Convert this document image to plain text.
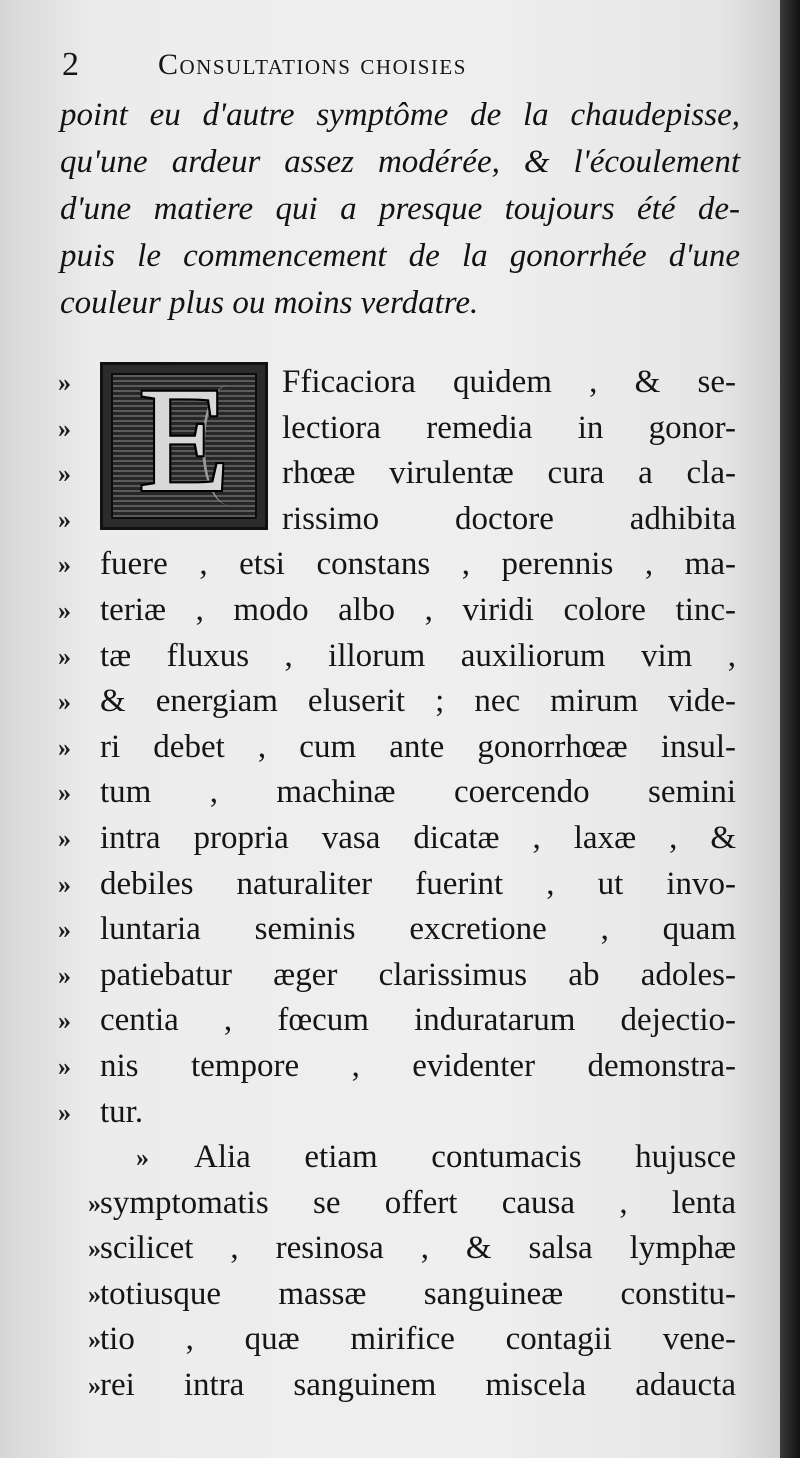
2	Consultations choisies
point eu d'autre symptôme de la chaudepisse,
qu'une ardeur assez modérée, & l'écoulement
d'une matiere qui a presque toujours été de-
puis le commencement de la gonorrhée d'une
couleur plus ou moins verdatre.
»
»
»
»
»
»
»
»
»
»
»
»
»
»
»
»
»
»
»
»
»
»
»
E	Fficaciora quidem , & se-
lectiora remedia in gonor-
rhœæ virulentæ cura a cla-
rissimo doctore adhibita
fuere , etsi constans , perennis , ma-
teriæ , modo albo , viridi colore tinc-
tæ fluxus , illorum auxiliorum vim ,
& energiam eluserit ; nec mirum vide-
ri debet , cum ante gonorrhœæ insul-
tum , machinæ coercendo semini
intra propria vasa dicatæ , laxæ , &
debiles naturaliter fuerint , ut invo-
luntaria seminis excretione , quam
patiebatur æger clarissimus ab adoles-
centia , fœcum induratarum dejectio-
nis tempore , evidenter demonstra-
tur.
Alia etiam contumacis hujusce
symptomatis se offert causa , lenta
scilicet , resinosa , & salsa lymphæ
totiusque massæ sanguineæ constitu-
tio , quæ mirifice contagii vene-
rei intra sanguinem miscela adaucta
